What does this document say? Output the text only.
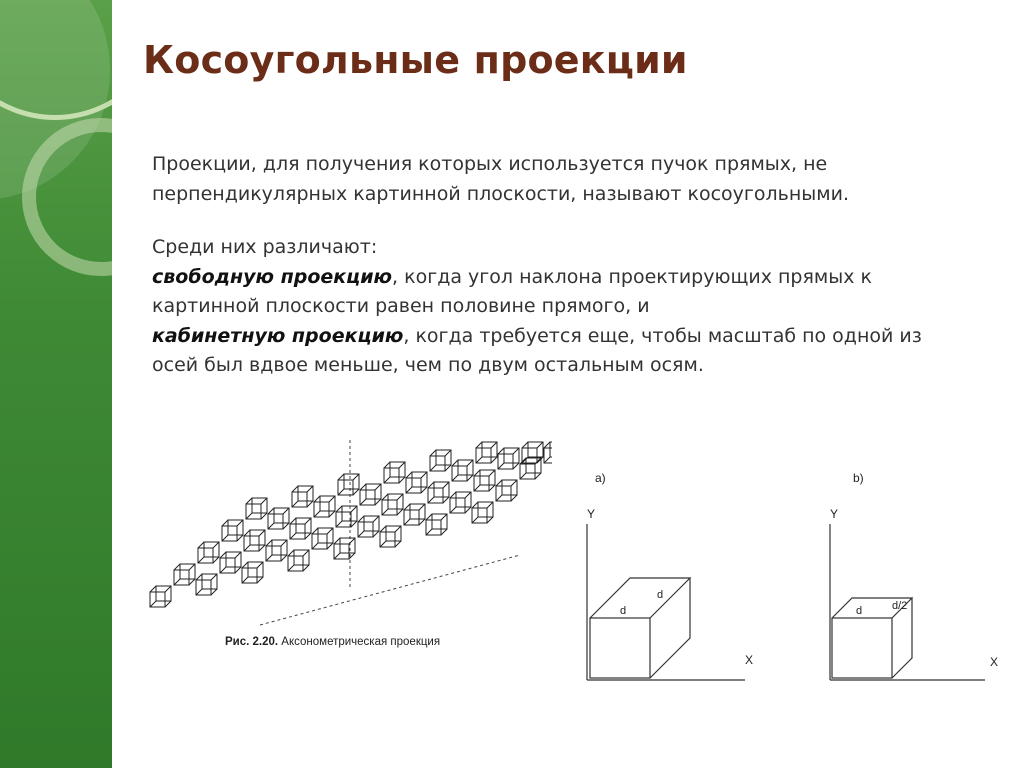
Косоугольные проекции

Проекции, для получения которых используется пучок прямых, не перпендикулярных картинной плоскости, называют косоугольными.

Среди них различают:

свободную проекцию, когда угол наклона проектирующих прямых к картинной плоскости равен половине прямого, и

кабинетную проекцию, когда требуется еще, чтобы масштаб по одной из осей был вдвое меньше, чем по двум остальным осям.

Рис. 2.20. Аксонометрическая проекция
a)
Y
X
d
d
b)
Y
X
d	d/2
